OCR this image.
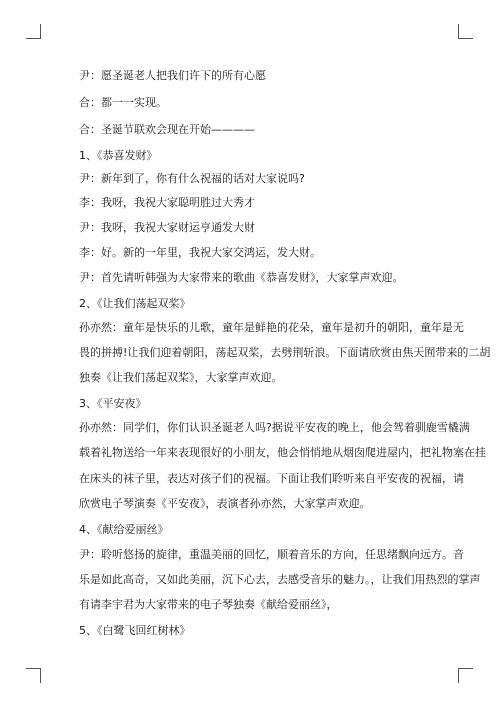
尹：愿圣诞老人把我们许下的所有心愿
合：都一一实现。
合：圣诞节联欢会现在开始————
1、《恭喜发财》
尹：新年到了，你有什么祝福的话对大家说吗?
李：我呀，我祝大家聪明胜过大秀才
尹：我呀，我祝大家财运亨通发大财
李：好。新的一年里，我祝大家交鸿运，发大财。
尹：首先请听韩强为大家带来的歌曲《恭喜发财》，大家掌声欢迎。
2、《让我们荡起双桨》
孙亦然：童年是快乐的儿歌，童年是鲜艳的花朵，童年是初升的朝阳，童年是无
畏的拼搏!让我们迎着朝阳，荡起双桨，去劈荆斩浪。下面请欣赏由焦天囿带来的二胡
独奏《让我们荡起双桨》，大家掌声欢迎。
3、《平安夜》
孙亦然：同学们，你们认识圣诞老人吗?据说平安夜的晚上，他会驾着驯鹿雪橇满
载着礼物送给一年来表现很好的小朋友，他会悄悄地从烟囱爬进屋内，把礼物塞在挂
在床头的袜子里，表达对孩子们的祝福。下面让我们聆听来自平安夜的祝福，请
欣赏电子琴演奏《平安夜》，表演者孙亦然，大家掌声欢迎。
4、《献给爱丽丝》
尹：聆听悠扬的旋律，重温美丽的回忆，顺着音乐的方向，任思绪飘向远方。音
乐是如此高奇，又如此美丽，沉下心去，去感受音乐的魅力。，让我们用热烈的掌声
有请李宇君为大家带来的电子琴独奏《献给爱丽丝》，
5、《白鹭飞回红树林》
